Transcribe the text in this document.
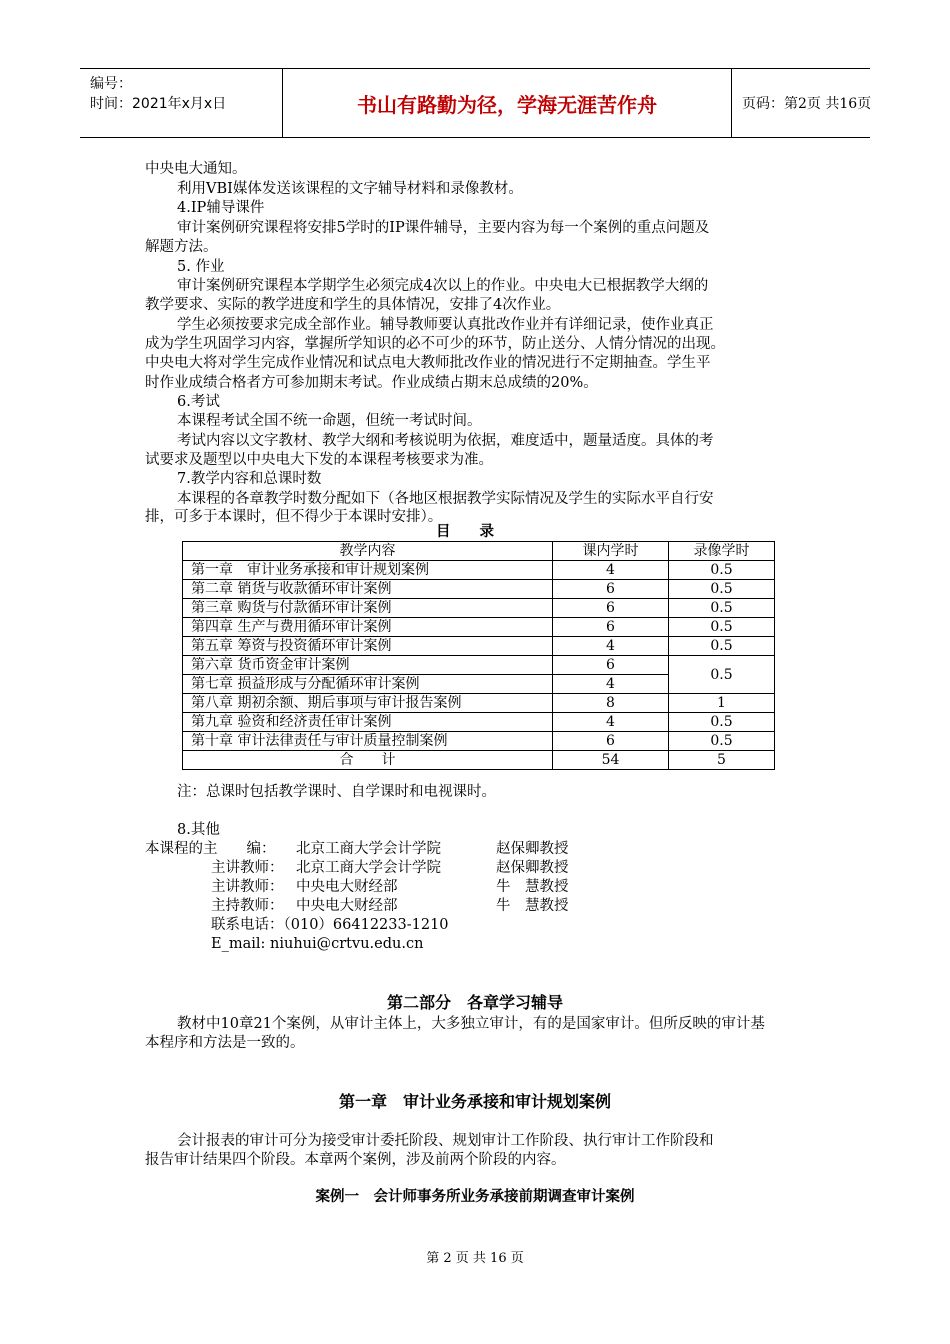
编号：
时间：2021年x月x日	书山有路勤为径，学海无涯苦作舟	页码：第2页 共16页
中央电大通知。
利用VBI媒体发送该课程的文字辅导材料和录像教材。
4.IP辅导课件
审计案例研究课程将安排5学时的IP课件辅导，主要内容为每一个案例的重点问题及
解题方法。
5. 作业
审计案例研究课程本学期学生必须完成4次以上的作业。中央电大已根据教学大纲的
教学要求、实际的教学进度和学生的具体情况，安排了4次作业。
学生必须按要求完成全部作业。辅导教师要认真批改作业并有详细记录，使作业真正
成为学生巩固学习内容，掌握所学知识的必不可少的环节，防止送分、人情分情况的出现。
中央电大将对学生完成作业情况和试点电大教师批改作业的情况进行不定期抽查。学生平
时作业成绩合格者方可参加期末考试。作业成绩占期末总成绩的20%。
6.考试
本课程考试全国不统一命题，但统一考试时间。
考试内容以文字教材、教学大纲和考核说明为依据，难度适中，题量适度。具体的考
试要求及题型以中央电大下发的本课程考核要求为准。
7.教学内容和总课时数
本课程的各章教学时数分配如下（各地区根据教学实际情况及学生的实际水平自行安
排，可多于本课时，但不得少于本课时安排）。
目　　录
教学内容	课内学时	录像学时
第一章　审计业务承接和审计规划案例	4	0.5
第二章 销货与收款循环审计案例	6	0.5
第三章 购货与付款循环审计案例	6	0.5
第四章 生产与费用循环审计案例	6	0.5
第五章 筹资与投资循环审计案例	4	0.5
第六章 货币资金审计案例	6	0.5
第七章 损益形成与分配循环审计案例	4	
第八章 期初余额、期后事项与审计报告案例	8	1
第九章 验资和经济责任审计案例	4	0.5
第十章 审计法律责任与审计质量控制案例	6	0.5
合　　计	54	5
注：总课时包括教学课时、自学课时和电视课时。
8.其他
本课程的主　　编： 北京工商大学会计学院	赵保卿教授
主讲教师： 北京工商大学会计学院	赵保卿教授
主讲教师： 中央电大财经部	牛　慧教授
主持教师： 中央电大财经部	牛　慧教授
联系电话：（010）66412233-1210
E_mail: niuhui@crtvu.edu.cn
第二部分　各章学习辅导
教材中10章21个案例，从审计主体上，大多独立审计，有的是国家审计。但所反映的审计基
本程序和方法是一致的。
第一章　审计业务承接和审计规划案例
会计报表的审计可分为接受审计委托阶段、规划审计工作阶段、执行审计工作阶段和
报告审计结果四个阶段。本章两个案例，涉及前两个阶段的内容。
案例一　会计师事务所业务承接前期调查审计案例
第 2 页 共 16 页
